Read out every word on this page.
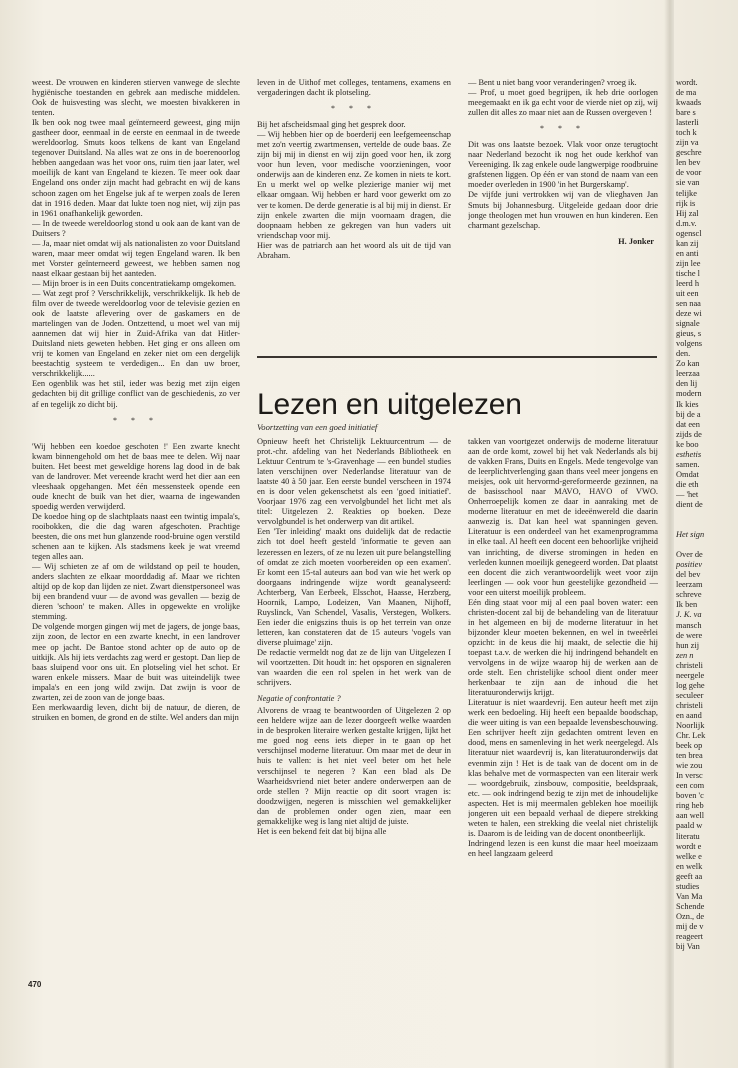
weest. De vrouwen en kinderen stierven vanwege de slechte hygiënische toestanden en gebrek aan medische middelen. Ook de huisvesting was slecht, we moesten bivakkeren in tenten.

Ik ben ook nog twee maal geïnterneerd geweest, ging mijn gastheer door, eenmaal in de eerste en eenmaal in de tweede wereldoorlog. Smuts koos telkens de kant van Engeland tegenover Duitsland. Na alles wat ze ons in de boerenoorlog hebben aangedaan was het voor ons, ruim tien jaar later, wel moeilijk de kant van Engeland te kiezen. Te meer ook daar Engeland ons onder zijn macht had gebracht en wij de kans schoon zagen om het Engelse juk af te werpen zoals de Ieren dat in 1916 deden. Maar dat lukte toen nog niet, wij zijn pas in 1961 onafhankelijk geworden.

— In de tweede wereldoorlog stond u ook aan de kant van de Duitsers ?

— Ja, maar niet omdat wij als nationalisten zo voor Duitsland waren, maar meer omdat wij tegen Engeland waren. Ik ben met Vorster geïnterneerd geweest, we hebben samen nog naast elkaar gestaan bij het aanteden.

— Mijn broer is in een Duits concentratiekamp omgekomen.

— Wat zegt prof ? Verschrikkelijk, verschrikkelijk. Ik heb de film over de tweede wereldoorlog voor de televisie gezien en ook de laatste aflevering over de gaskamers en de martelingen van de Joden. Ontzettend, u moet wel van mij aannemen dat wij hier in Zuid-Afrika van dat Hitler-Duitsland niets geweten hebben. Het ging er ons alleen om vrij te komen van Engeland en zeker niet om een dergelijk beestachtig systeem te verdedigen... En dan uw broer, verschrikkelijk......

Een ogenblik was het stil, ieder was bezig met zijn eigen gedachten bij dit grillige conflict van de geschiedenis, zo ver af en tegelijk zo dicht bij.

* * *

'Wij hebben een koedoe geschoten !' Een zwarte knecht kwam binnengehold om het de baas mee te delen. Wij naar buiten. Het beest met geweldige horens lag dood in de bak van de landrover. Met vereende kracht werd het dier aan een vleeshaak opgehangen. Met één messensteek opende een oude knecht de buik van het dier, waarna de ingewanden spoedig werden verwijderd.

De koedoe hing op de slachtplaats naast een twintig impala's, rooibokken, die die dag waren afgeschoten. Prachtige beesten, die ons met hun glanzende rood-bruine ogen verstild schenen aan te kijken. Als stadsmens keek je wat vreemd tegen alles aan.

— Wij schieten ze af om de wildstand op peil te houden, anders slachten ze elkaar moorddadig af. Maar we richten altijd op de kop dan lijden ze niet. Zwart dienstpersoneel was bij een brandend vuur — de avond was gevallen — bezig de dieren 'schoon' te maken. Alles in opgewekte en vrolijke stemming.

De volgende morgen gingen wij met de jagers, de jonge baas, zijn zoon, de lector en een zwarte knecht, in een landrover mee op jacht. De Bantoe stond achter op de auto op de uitkijk. Als hij iets verdachts zag werd er gestopt. Dan liep de baas sluipend voor ons uit. En plotseling viel het schot. Er waren enkele missers. Maar de buit was uiteindelijk twee impala's en een jong wild zwijn. Dat zwijn is voor de zwarten, zei de zoon van de jonge baas.

Een merkwaardig leven, dicht bij de natuur, de dieren, de struiken en bomen, de grond en de stilte. Wel anders dan mijn

leven in de Uithof met colleges, tentamens, examens en vergaderingen dacht ik plotseling.

* * *

Bij het afscheidsmaal ging het gesprek door.

— Wij hebben hier op de boerderij een leefgemeenschap met zo'n veertig zwartmensen, vertelde de oude baas. Ze zijn bij mij in dienst en wij zijn goed voor hen, ik zorg voor hun leven, voor medische voorzieningen, voor onderwijs aan de kinderen enz. Ze komen in niets te kort. En u merkt wel op welke plezierige manier wij met elkaar omgaan. Wij hebben er hard voor gewerkt om zo ver te komen. De derde generatie is al bij mij in dienst. Er zijn enkele zwarten die mijn voornaam dragen, die doopnaam hebben ze gekregen van hun vaders uit vriendschap voor mij.

Hier was de patriarch aan het woord als uit de tijd van Abraham.

— Bent u niet bang voor veranderingen? vroeg ik.

— Prof, u moet goed begrijpen, ik heb drie oorlogen meegemaakt en ik ga echt voor de vierde niet op zij, wij zullen dit alles zo maar niet aan de Russen overgeven !

* * *

Dit was ons laatste bezoek. Vlak voor onze terugtocht naar Nederland bezocht ik nog het oude kerkhof van Vereeniging. Ik zag enkele oude langwerpige roodbruine grafstenen liggen. Op één er van stond de naam van een moeder overleden in 1900 'in het Burgerskamp'.

De vijfde juni vertrokken wij van de vlieghaven Jan Smuts bij Johannesburg. Uitgeleide gedaan door drie jonge theologen met hun vrouwen en hun kinderen. Een charmant gezelschap.

H. Jonker
Lezen en uitgelezen
Voortzetting van een goed initiatief

Opnieuw heeft het Christelijk Lektuurcentrum — de prot.-chr. afdeling van het Nederlands Bibliotheek en Lektuur Centrum te 's-Gravenhage — een bundel studies laten verschijnen over Nederlandse literatuur van de laatste 40 à 50 jaar. Een eerste bundel verscheen in 1974 en is door velen gekenschetst als een 'goed initiatief'. Voorjaar 1976 zag een vervolgbundel het licht met als titel: Uitgelezen 2. Reakties op boeken. Deze vervolgbundel is het onderwerp van dit artikel.

Een 'Ter inleiding' maakt ons duidelijk dat de redactie zich tot doel heeft gesteld 'informatie te geven aan lezeressen en lezers, of ze nu lezen uit pure belangstelling of omdat ze zich moeten voorbereiden op een examen'. Er komt een 15-tal auteurs aan bod van wie het werk op doorgaans indringende wijze wordt geanalyseerd: Achterberg, Van Eerbeek, Elsschot, Haasse, Herzberg, Hoornik, Lampo, Lodeizen, Van Maanen, Nijhoff, Ruyslinck, Van Schendel, Vasalis, Verstegen, Wolkers. Een ieder die enigszins thuis is op het terrein van onze letteren, kan constateren dat de 15 auteurs 'vogels van diverse pluimage' zijn.

De redactie vermeldt nog dat ze de lijn van Uitgelezen I wil voortzetten. Dit houdt in: het opsporen en signaleren van waarden die een rol spelen in het werk van de schrijvers.

Negatie of confrontatie ?

Alvorens de vraag te beantwoorden of Uitgelezen 2 op een heldere wijze aan de lezer doorgeeft welke waarden in de besproken literaire werken gestalte krijgen, lijkt het me goed nog eens iets dieper in te gaan op het verschijnsel moderne literatuur. Om maar met de deur in huis te vallen: is het niet veel beter om het hele verschijnsel te negeren ? Kan een blad als De Waarheidsvriend niet beter andere onderwerpen aan de orde stellen ? Mijn reactie op dit soort vragen is: doodzwijgen, negeren is misschien wel gemakkelijker dan de problemen onder ogen zien, maar een gemakkelijke weg is lang niet altijd de juiste.

Het is een bekend feit dat bij bijna alle

takken van voortgezet onderwijs de moderne literatuur aan de orde komt, zowel bij het vak Nederlands als bij de vakken Frans, Duits en Engels. Mede tengevolge van de leerplichtverlenging gaan thans veel meer jongens en meisjes, ook uit hervormd-gereformeerde gezinnen, na de basisschool naar MAVO, HAVO of VWO. Onherroepelijk komen ze daar in aanraking met de moderne literatuur en met de ideeënwereld die daarin aanwezig is. Dat kan heel wat spanningen geven. Literatuur is een onderdeel van het examenprogramma in elke taal. Al heeft een docent een behoorlijke vrijheid van inrichting, de diverse stromingen in heden en verleden kunnen moeilijk genegeerd worden. Dat plaatst een docent die zich verantwoordelijk weet voor zijn leerlingen — ook voor hun geestelijke gezondheid — voor een uiterst moeilijk probleem.

Eén ding staat voor mij al een paal boven water: een christen-docent zal bij de behandeling van de literatuur in het algemeen en bij de moderne literatuur in het bijzonder kleur moeten bekennen, en wel in tweeërlei opzicht: in de keus die hij maakt, de selectie die hij toepast t.a.v. de werken die hij indringend behandelt en vervolgens in de wijze waarop hij de werken aan de orde stelt. Een christelijke school dient onder meer herkenbaar te zijn aan de inhoud die het literatuuronderwijs krijgt.

Literatuur is niet waardevrij. Een auteur heeft met zijn werk een bedoeling. Hij heeft een bepaalde boodschap, die weer uiting is van een bepaalde levensbeschouwing. Een schrijver heeft zijn gedachten omtrent leven en dood, mens en samenleving in het werk neergelegd. Als literatuur niet waardevrij is, kan literatuuronderwijs dat evenmin zijn ! Het is de taak van de docent om in de klas behalve met de vormaspecten van een literair werk — woordgebruik, zinsbouw, compositie, beeldspraak, etc. — ook indringend bezig te zijn met de inhoudelijke aspecten. Het is mij meermalen gebleken hoe moeilijk jongeren uit een bepaald verhaal de diepere strekking weten te halen, een strekking die veelal niet christelijk is. Daarom is de leiding van de docent onontbeerlijk.

Indringend lezen is een kunst die maar heel moeizaam en heel langzaam geleerd

470
wordt.
de ma
kwaads
bare s
lasterli
toch k
zijn va
geschre
len bev
de voor
sie van
telijke
rijk is
Hij zal
d.m.v.
ogenscl
kan zij
en anti
zijn lee
tische l
leerd h
uit een
sen naa
deze wi
signale
gieus, s
volgens
den.
Zo kan
leerzaa
den lij
modern
Ik kies
bij de a
dat een
zijds de
ke boo
esthetis
samen.
Omdat
die eth
— 'het
dient de
Het sign
Over de
positiev
del bev
leerzam
schreve
Ik ben
J. K. va
mansch
de were
hun zij
zen n
christeli
neergele
log gehe
seculeer
christeli
en aand
Noorlijk
Chr. Lek
beek op
ten brea
wie zou
In versc
een com
boven 'c
ring heb
aan well
paald w
literatu
wordt e
welke e
en welk
geeft aa
studies
Van Ma
Schende
Ozn., de
mij de v
reageert
bij Van
